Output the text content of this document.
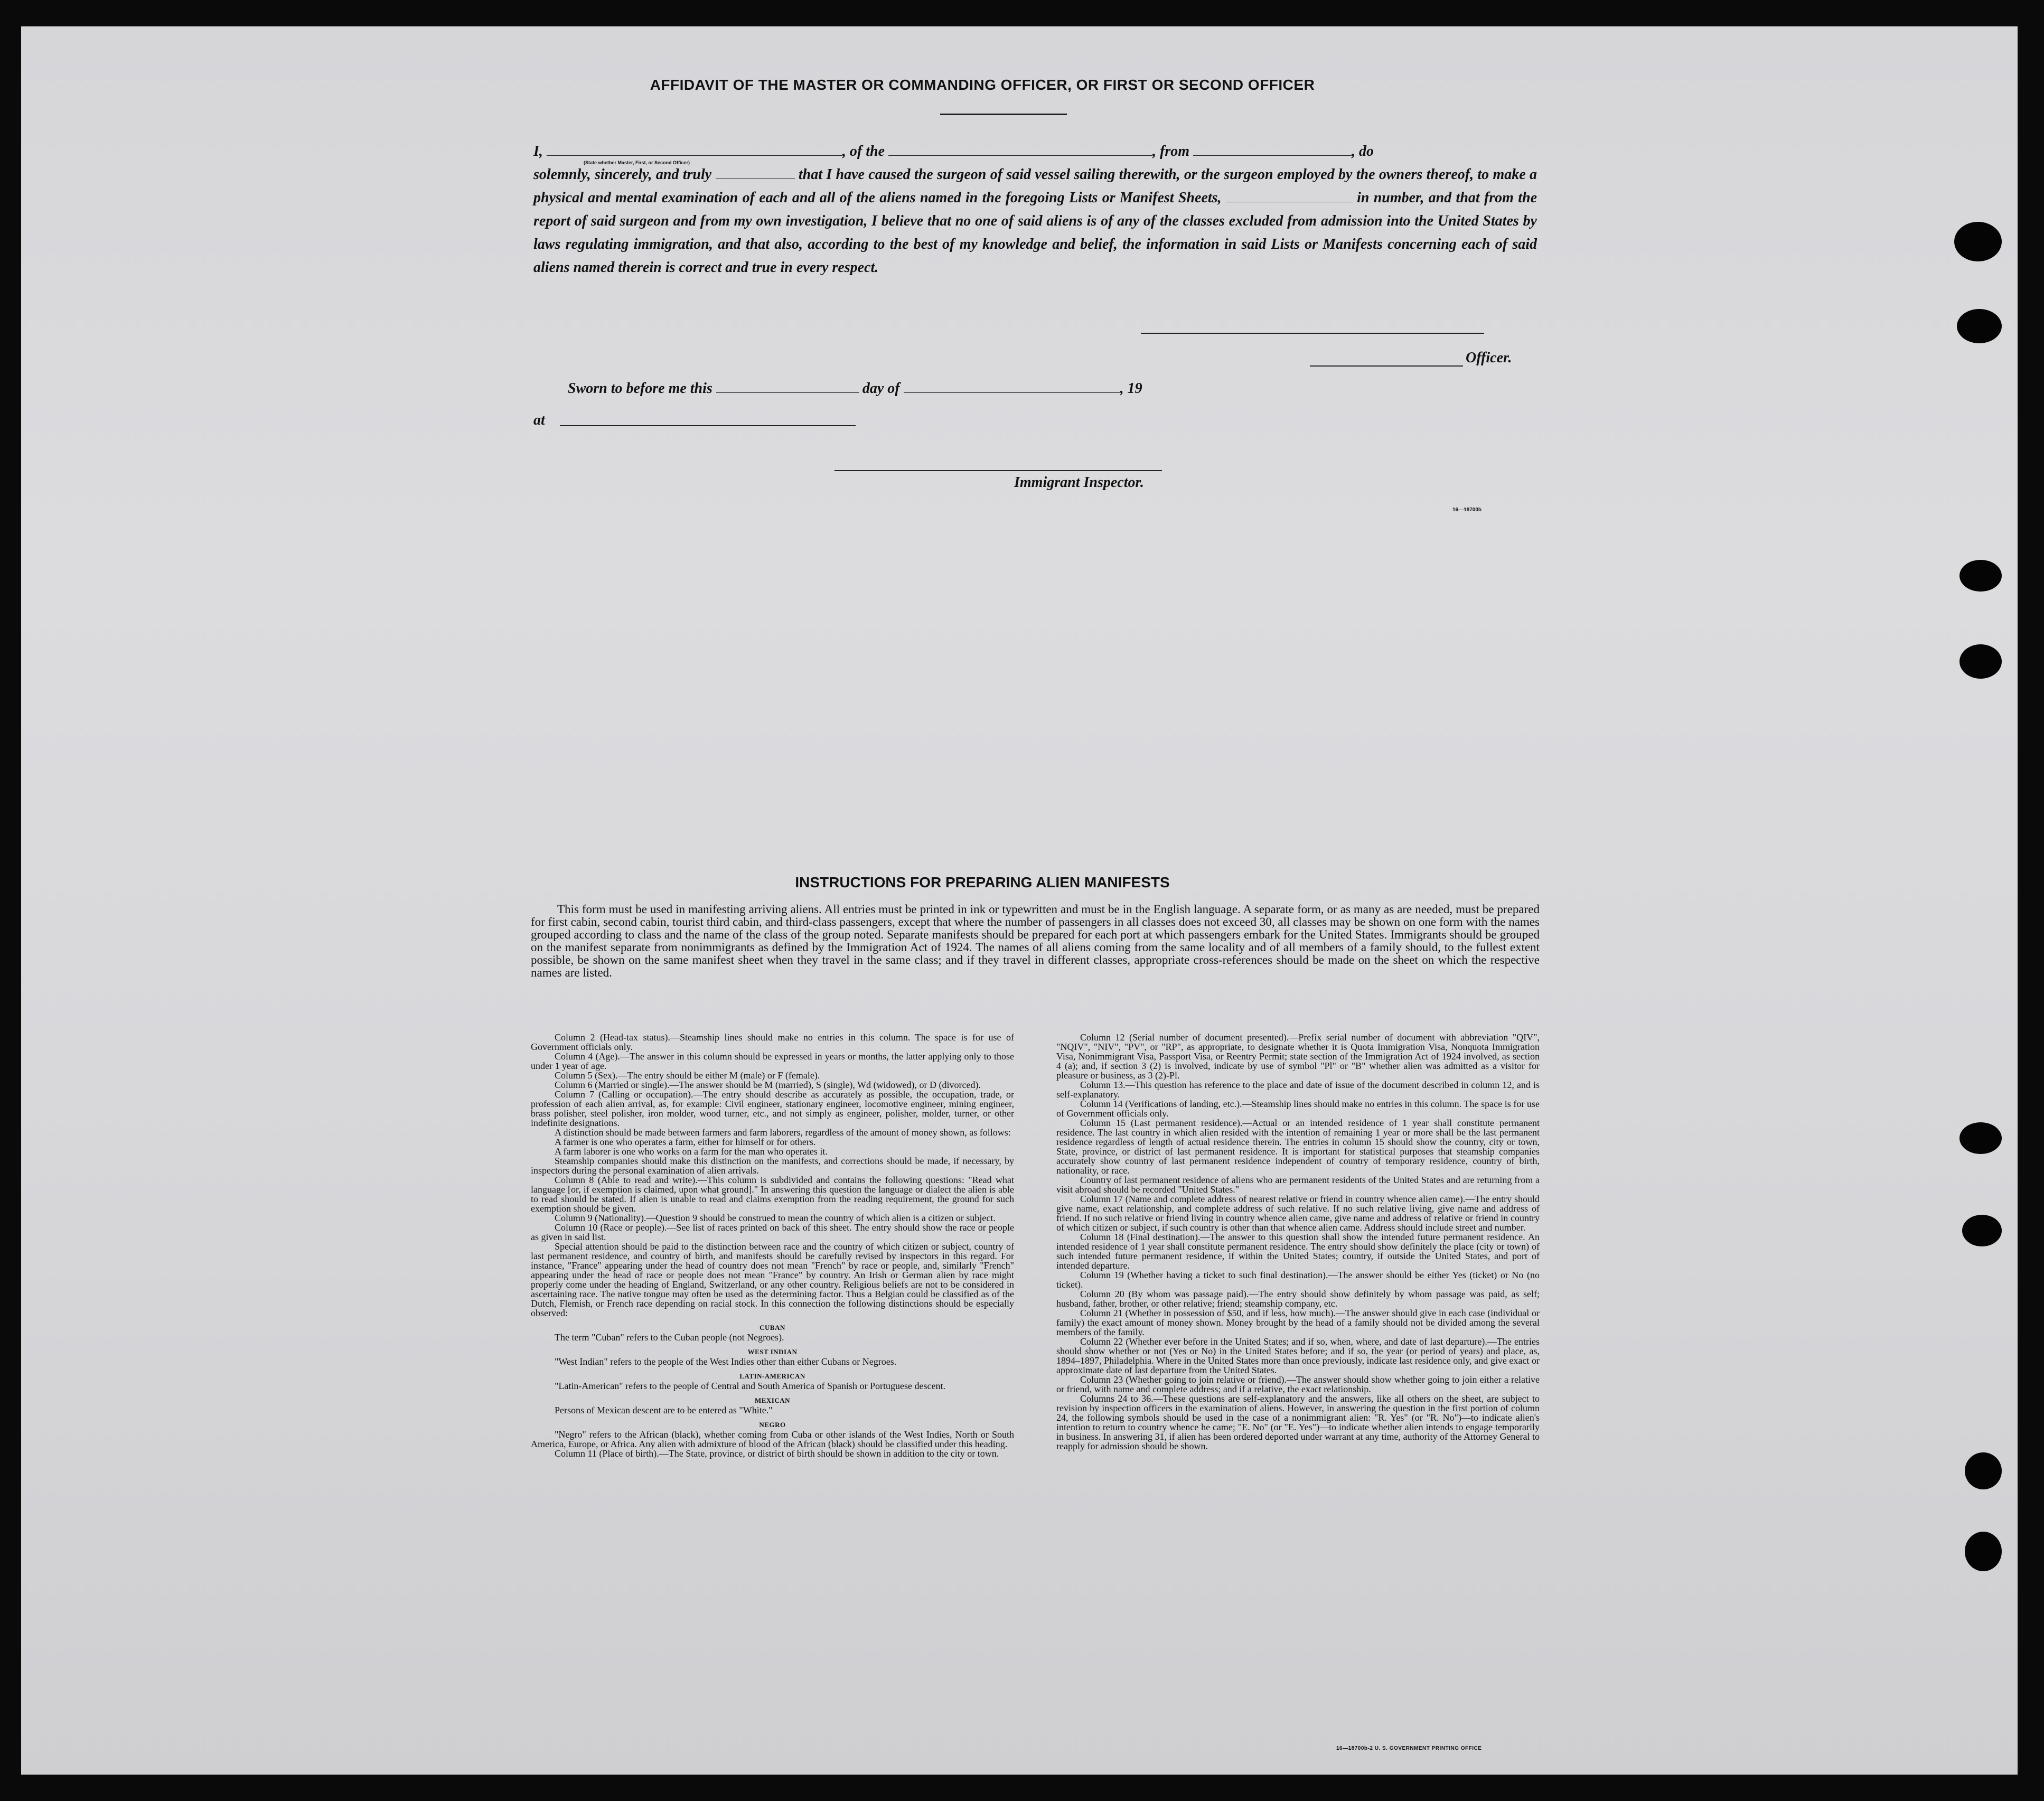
AFFIDAVIT OF THE MASTER OR COMMANDING OFFICER, OR FIRST OR SECOND OFFICER
I,	, of the	, from	, do
(State whether Master, First, or Second Officer)
solemnly, sincerely, and truly	that I have caused the surgeon of said vessel sailing therewith, or the surgeon employed by the owners thereof, to make a physical and mental examination of each and all of the aliens named in the foregoing Lists or Manifest Sheets,	in number, and that from the report of said surgeon and from my own investigation, I believe that no one of said aliens is of any of the classes excluded from admission into the United States by laws regulating immigration, and that also, according to the best of my knowledge and belief, the information in said Lists or Manifests concerning each of said aliens named therein is correct and true in every respect.
Officer.
Sworn to before me this	day of	, 19
at
Immigrant Inspector.
16—18700b
INSTRUCTIONS FOR PREPARING ALIEN MANIFESTS
This form must be used in manifesting arriving aliens. All entries must be printed in ink or typewritten and must be in the English language. A separate form, or as many as are needed, must be prepared for first cabin, second cabin, tourist third cabin, and third-class passengers, except that where the number of passengers in all classes does not exceed 30, all classes may be shown on one form with the names grouped according to class and the name of the class of the group noted. Separate manifests should be prepared for each port at which passengers embark for the United States. Immigrants should be grouped on the manifest separate from nonimmigrants as defined by the Immigration Act of 1924. The names of all aliens coming from the same locality and of all members of a family should, to the fullest extent possible, be shown on the same manifest sheet when they travel in the same class; and if they travel in different classes, appropriate cross-references should be made on the sheet on which the respective names are listed.

Column 2 (Head-tax status).—Steamship lines should make no entries in this column. The space is for use of Government officials only.

Column 4 (Age).—The answer in this column should be expressed in years or months, the latter applying only to those under 1 year of age.

Column 5 (Sex).—The entry should be either M (male) or F (female).

Column 6 (Married or single).—The answer should be M (married), S (single), Wd (widowed), or D (divorced).

Column 7 (Calling or occupation).—The entry should describe as accurately as possible, the occupation, trade, or profession of each alien arrival, as, for example: Civil engineer, stationary engineer, locomotive engineer, mining engineer, brass polisher, steel polisher, iron molder, wood turner, etc., and not simply as engineer, polisher, molder, turner, or other indefinite designations.

A distinction should be made between farmers and farm laborers, regardless of the amount of money shown, as follows:

A farmer is one who operates a farm, either for himself or for others.

A farm laborer is one who works on a farm for the man who operates it.

Steamship companies should make this distinction on the manifests, and corrections should be made, if necessary, by inspectors during the personal examination of alien arrivals.

Column 8 (Able to read and write).—This column is subdivided and contains the following questions: "Read what language [or, if exemption is claimed, upon what ground]." In answering this question the language or dialect the alien is able to read should be stated. If alien is unable to read and claims exemption from the reading requirement, the ground for such exemption should be given.

Column 9 (Nationality).—Question 9 should be construed to mean the country of which alien is a citizen or subject.

Column 10 (Race or people).—See list of races printed on back of this sheet. The entry should show the race or people as given in said list.

Special attention should be paid to the distinction between race and the country of which citizen or subject, country of last permanent residence, and country of birth, and manifests should be carefully revised by inspectors in this regard. For instance, "France" appearing under the head of country does not mean "French" by race or people, and, similarly "French" appearing under the head of race or people does not mean "France" by country. An Irish or German alien by race might properly come under the heading of England, Switzerland, or any other country. Religious beliefs are not to be considered in ascertaining race. The native tongue may often be used as the determining factor. Thus a Belgian could be classified as of the Dutch, Flemish, or French race depending on racial stock. In this connection the following distinctions should be especially observed:

CUBAN

The term "Cuban" refers to the Cuban people (not Negroes).

WEST INDIAN

"West Indian" refers to the people of the West Indies other than either Cubans or Negroes.

LATIN-AMERICAN

"Latin-American" refers to the people of Central and South America of Spanish or Portuguese descent.

MEXICAN

Persons of Mexican descent are to be entered as "White."

NEGRO

"Negro" refers to the African (black), whether coming from Cuba or other islands of the West Indies, North or South America, Europe, or Africa. Any alien with admixture of blood of the African (black) should be classified under this heading.

Column 11 (Place of birth).—The State, province, or district of birth should be shown in addition to the city or town.

Column 12 (Serial number of document presented).—Prefix serial number of document with abbreviation "QIV", "NQIV", "NIV", "PV", or "RP", as appropriate, to designate whether it is Quota Immigration Visa, Nonquota Immigration Visa, Nonimmigrant Visa, Passport Visa, or Reentry Permit; state section of the Immigration Act of 1924 involved, as section 4 (a); and, if section 3 (2) is involved, indicate by use of symbol "Pl" or "B" whether alien was admitted as a visitor for pleasure or business, as 3 (2)-Pl.

Column 13.—This question has reference to the place and date of issue of the document described in column 12, and is self-explanatory.

Column 14 (Verifications of landing, etc.).—Steamship lines should make no entries in this column. The space is for use of Government officials only.

Column 15 (Last permanent residence).—Actual or an intended residence of 1 year shall constitute permanent residence. The last country in which alien resided with the intention of remaining 1 year or more shall be the last permanent residence regardless of length of actual residence therein. The entries in column 15 should show the country, city or town, State, province, or district of last permanent residence. It is important for statistical purposes that steamship companies accurately show country of last permanent residence independent of country of temporary residence, country of birth, nationality, or race.

Country of last permanent residence of aliens who are permanent residents of the United States and are returning from a visit abroad should be recorded "United States."

Column 17 (Name and complete address of nearest relative or friend in country whence alien came).—The entry should give name, exact relationship, and complete address of such relative. If no such relative living, give name and address of friend. If no such relative or friend living in country whence alien came, give name and address of relative or friend in country of which citizen or subject, if such country is other than that whence alien came. Address should include street and number.

Column 18 (Final destination).—The answer to this question shall show the intended future permanent residence. An intended residence of 1 year shall constitute permanent residence. The entry should show definitely the place (city or town) of such intended future permanent residence, if within the United States; country, if outside the United States, and port of intended departure.

Column 19 (Whether having a ticket to such final destination).—The answer should be either Yes (ticket) or No (no ticket).

Column 20 (By whom was passage paid).—The entry should show definitely by whom passage was paid, as self; husband, father, brother, or other relative; friend; steamship company, etc.

Column 21 (Whether in possession of $50, and if less, how much).—The answer should give in each case (individual or family) the exact amount of money shown. Money brought by the head of a family should not be divided among the several members of the family.

Column 22 (Whether ever before in the United States; and if so, when, where, and date of last departure).—The entries should show whether or not (Yes or No) in the United States before; and if so, the year (or period of years) and place, as, 1894–1897, Philadelphia. Where in the United States more than once previously, indicate last residence only, and give exact or approximate date of last departure from the United States.

Column 23 (Whether going to join relative or friend).—The answer should show whether going to join either a relative or friend, with name and complete address; and if a relative, the exact relationship.

Columns 24 to 36.—These questions are self-explanatory and the answers, like all others on the sheet, are subject to revision by inspection officers in the examination of aliens. However, in answering the question in the first portion of column 24, the following symbols should be used in the case of a nonimmigrant alien: "R. Yes" (or "R. No")—to indicate alien's intention to return to country whence he came; "E. No" (or "E. Yes")—to indicate whether alien intends to engage temporarily in business. In answering 31, if alien has been ordered deported under warrant at any time, authority of the Attorney General to reapply for admission should be shown.

16—18700b-2 U. S. GOVERNMENT PRINTING OFFICE
